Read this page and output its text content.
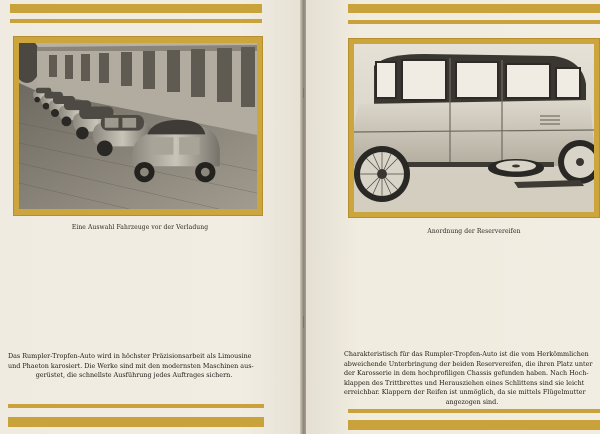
Eine Auswahl Fahrzeuge vor der Verladung
Das Rumpler-Tropfen-Auto wird in höchster Präzisionsarbeit als Limousine
und Phaeton karosiert. Die Werke sind mit den modernsten Maschinen aus-
gerüstet, die schnellste Ausführung jedes Auftrages sichern.
Anordnung der Reservereifen
Charakteristisch für das Rumpler-Tropfen-Auto ist die vom Herkömmlichen
abweichende Unterbringung der beiden Reservereifen, die ihren Platz unter
der Karosserie in dem hochprofiligen Chassis gefunden haben. Nach Hoch-
klappen des Trittbrettes und Herausziehen eines Schlittens sind sie leicht
erreichbar. Klappern der Reifen ist unmöglich, da sie mittels Flügelmutter
angezogen sind.
